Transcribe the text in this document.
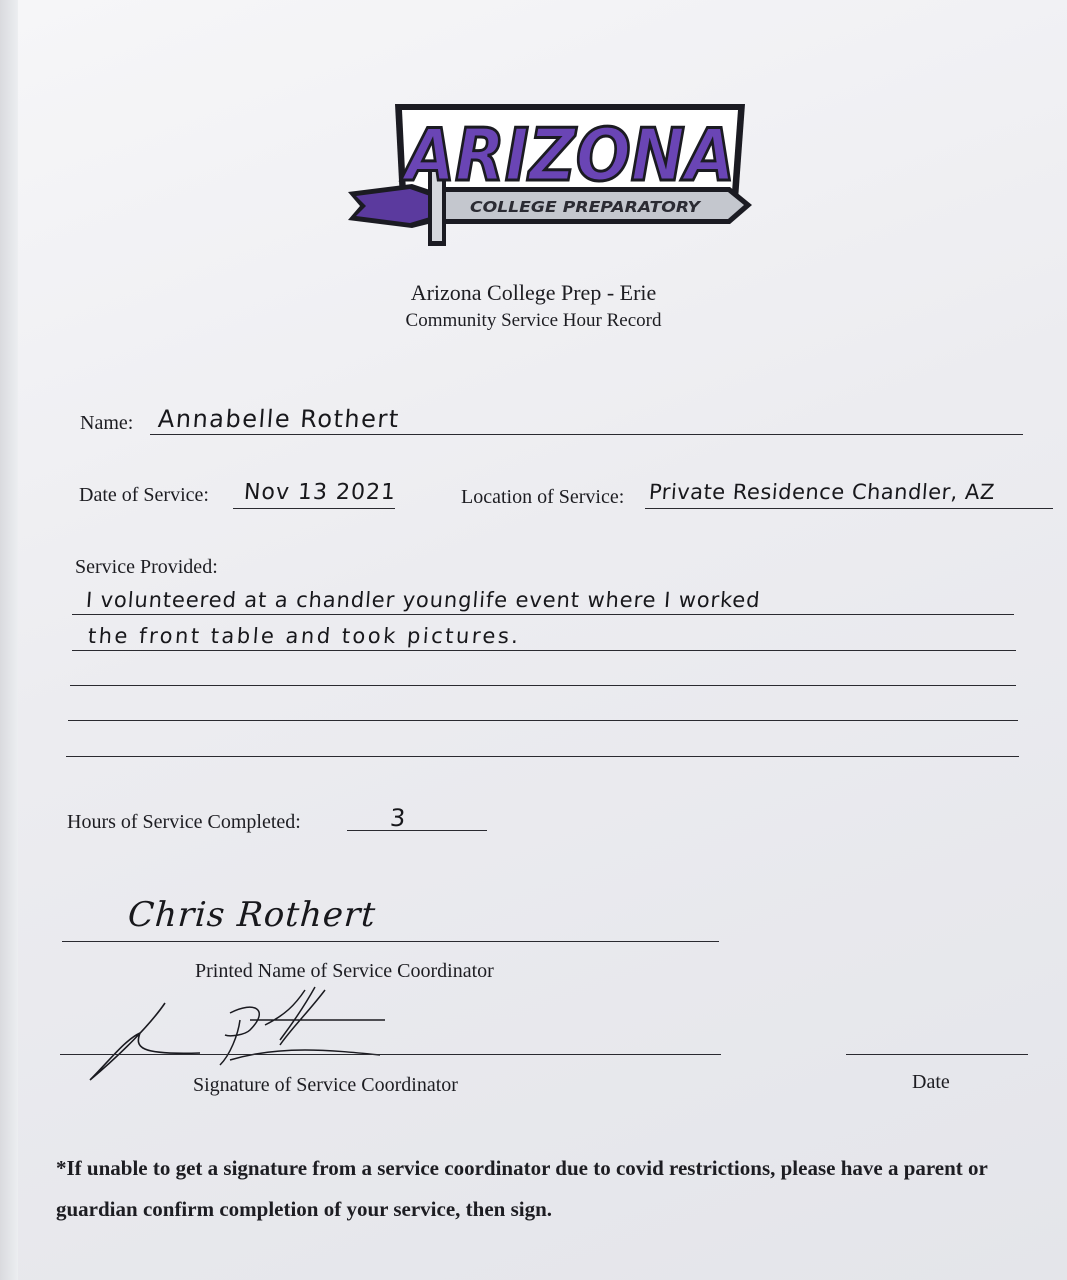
ARIZONA
COLLEGE PREPARATORY
Arizona College Prep - Erie
Community Service Hour Record
Name: Annabelle Rothert
Date of Service: Nov 13 2021	Location of Service: Private Residence Chandler, AZ
Service Provided:
I volunteered at a chandler younglife event where I worked
the front table and took pictures.
Hours of Service Completed:	3
Chris Rothert
Printed Name of Service Coordinator
Signature of Service Coordinator	Date
*If unable to get a signature from a service coordinator due to covid restrictions, please have a parent or guardian confirm completion of your service, then sign.
